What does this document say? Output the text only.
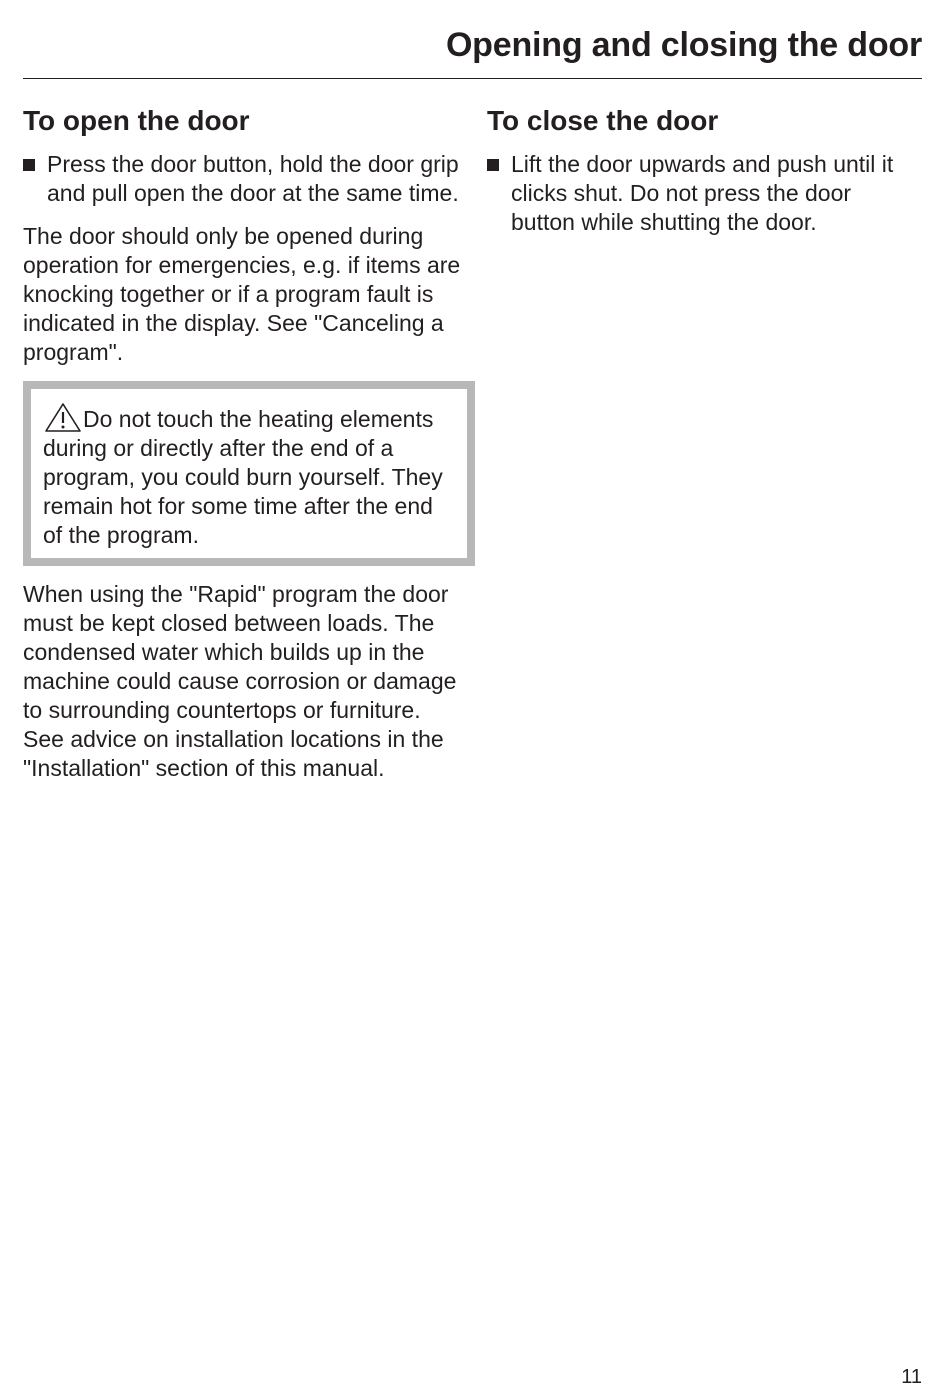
Opening and closing the door
To open the door
Press the door button, hold the door grip and pull open the door at the same time.

The door should only be opened during operation for emergencies, e.g. if items are knocking together or if a program fault is indicated in the display. See "Canceling a program".

Do not touch the heating elements during or directly after the end of a program, you could burn yourself. They remain hot for some time after the end of the program.

When using the "Rapid" program the door must be kept closed between loads. The condensed water which builds up in the machine could cause corrosion or damage to surrounding countertops or furniture. See advice on installation locations in the "Installation" section of this manual.

To close the door
Lift the door upwards and push until it clicks shut. Do not press the door button while shutting the door.
11
